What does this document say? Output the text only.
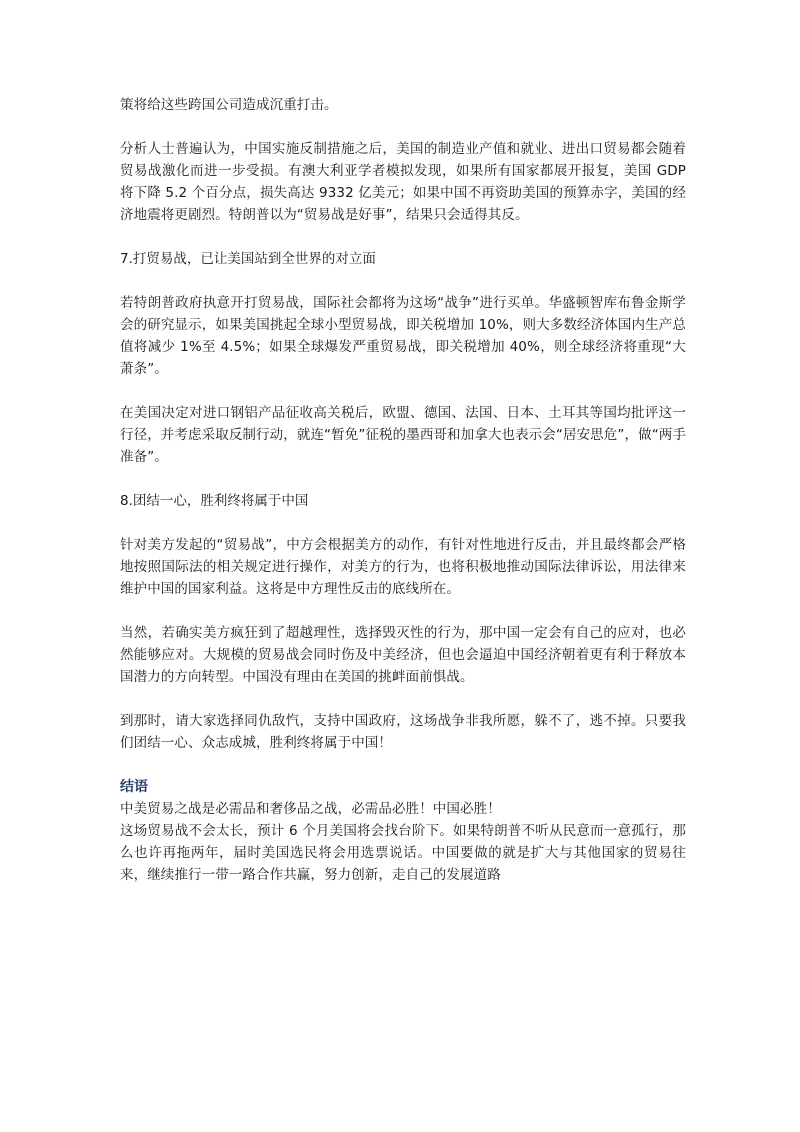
策将给这些跨国公司造成沉重打击。

分析人士普遍认为，中国实施反制措施之后，美国的制造业产值和就业、进出口贸易都会随着贸易战激化而进一步受损。有澳大利亚学者模拟发现，如果所有国家都展开报复，美国 GDP 将下降 5.2 个百分点，损失高达 9332 亿美元；如果中国不再资助美国的预算赤字，美国的经济地震将更剧烈。特朗普以为“贸易战是好事”，结果只会适得其反。

7.打贸易战，已让美国站到全世界的对立面

若特朗普政府执意开打贸易战，国际社会都将为这场“战争”进行买单。华盛顿智库布鲁金斯学会的研究显示，如果美国挑起全球小型贸易战，即关税增加 10%，则大多数经济体国内生产总值将减少 1%至 4.5%；如果全球爆发严重贸易战，即关税增加 40%，则全球经济将重现“大萧条”。

在美国决定对进口钢铝产品征收高关税后，欧盟、德国、法国、日本、土耳其等国均批评这一行径，并考虑采取反制行动，就连“暂免”征税的墨西哥和加拿大也表示会“居安思危”，做“两手准备”。

8.团结一心，胜利终将属于中国

针对美方发起的“贸易战”，中方会根据美方的动作，有针对性地进行反击，并且最终都会严格地按照国际法的相关规定进行操作，对美方的行为，也将积极地推动国际法律诉讼，用法律来维护中国的国家利益。这将是中方理性反击的底线所在。

当然，若确实美方疯狂到了超越理性，选择毁灭性的行为，那中国一定会有自己的应对，也必然能够应对。大规模的贸易战会同时伤及中美经济，但也会逼迫中国经济朝着更有利于释放本国潜力的方向转型。中国没有理由在美国的挑衅面前惧战。

到那时，请大家选择同仇敌忾，支持中国政府，这场战争非我所愿，躲不了，逃不掉。只要我们团结一心、众志成城，胜利终将属于中国！

结语

中美贸易之战是必需品和奢侈品之战，必需品必胜！中国必胜！

这场贸易战不会太长，预计 6 个月美国将会找台阶下。如果特朗普不听从民意而一意孤行，那么也许再拖两年，届时美国选民将会用选票说话。中国要做的就是扩大与其他国家的贸易往来，继续推行一带一路合作共赢，努力创新，走自己的发展道路
